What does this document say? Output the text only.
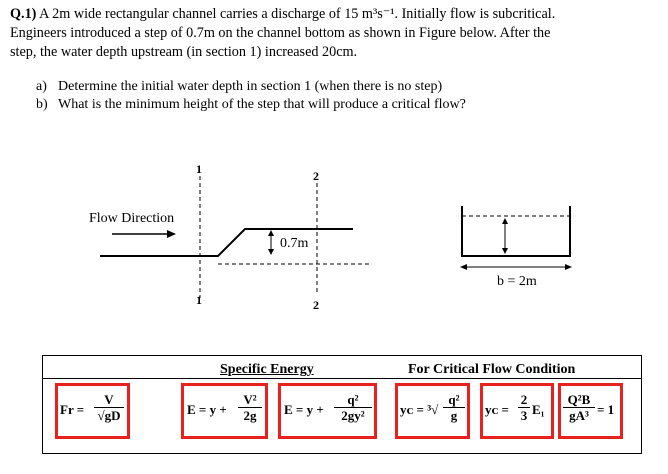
Q.1) A 2m wide rectangular channel carries a discharge of 15 m³s⁻¹. Initially flow is subcritical.
Engineers introduced a step of 0.7m on the channel bottom as shown in Figure below. After the
step, the water depth upstream (in section 1) increased 20cm.
a) Determine the initial water depth in section 1 (when there is no step)
b) What is the minimum height of the step that will produce a critical flow?
Flow Direction
1
1
2
2
0.7m
b = 2m
Specific Energy	For Critical Flow Condition
$Fr = \frac{V}{√gD}$	$E = y + \frac{\text{V²}}{2g}$ $E = y + \frac{\text{q²}}{\text{2gy²}}$ yᴄ = $^3√ \frac{\text{q²}}{g}$ yᴄ = $\frac{2}{3} E_1 \frac{\text{Q²B}}{\text{gA³}} = 1$
